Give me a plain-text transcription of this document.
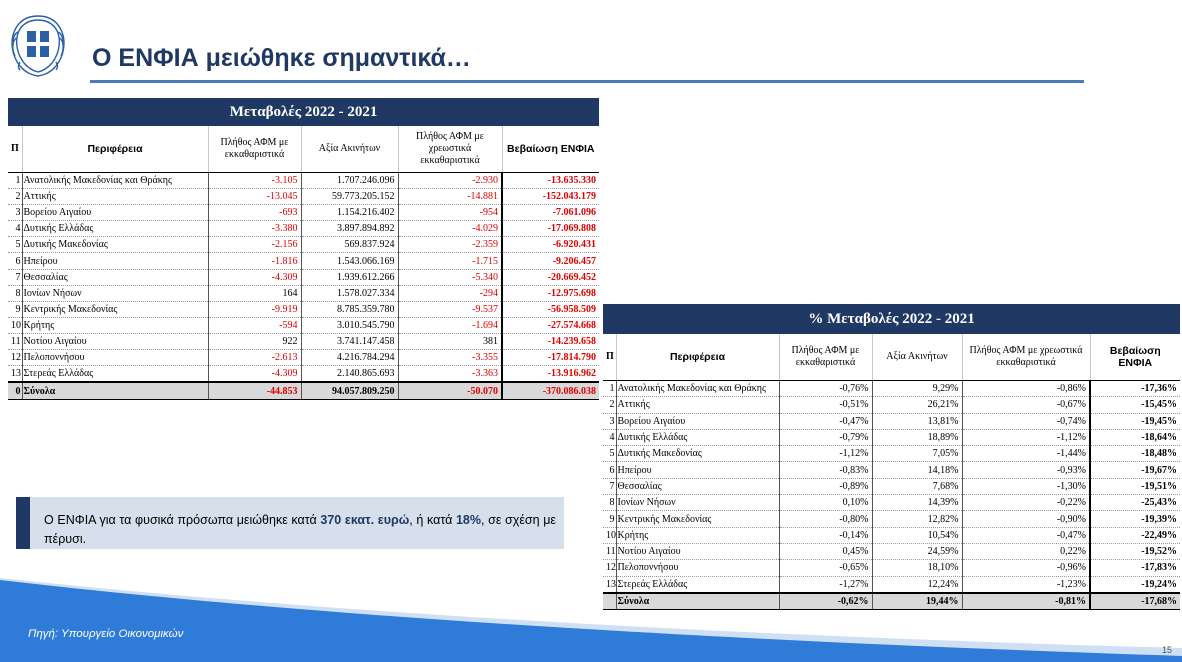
Ο ΕΝΦΙΑ μειώθηκε σημαντικά…
Μεταβολές 2022 - 2021					
Π	Περιφέρεια	Πλήθος ΑΦΜ με εκκαθαριστικά	Αξία Ακινήτων	Πλήθος ΑΦΜ με χρεωστικά εκκαθαριστικά	Βεβαίωση ΕΝΦΙΑ
1	Ανατολικής Μακεδονίας και Θράκης	-3.105	1.707.246.096	-2.930	-13.635.330
2	Αττικής	-13.045	59.773.205.152	-14.881	-152.043.179
3	Βορείου Αιγαίου	-693	1.154.216.402	-954	-7.061.096
4	Δυτικής Ελλάδας	-3.380	3.897.894.892	-4.029	-17.069.808
5	Δυτικής Μακεδονίας	-2.156	569.837.924	-2.359	-6.920.431
6	Ηπείρου	-1.816	1.543.066.169	-1.715	-9.206.457
7	Θεσσαλίας	-4.309	1.939.612.266	-5.340	-20.669.452
8	Ιονίων Νήσων	164	1.578.027.334	-294	-12.975.698
9	Κεντρικής Μακεδονίας	-9.919	8.785.359.780	-9.537	-56.958.509
10	Κρήτης	-594	3.010.545.790	-1.694	-27.574.668
11	Νοτίου Αιγαίου	922	3.741.147.458	381	-14.239.658
12	Πελοποννήσου	-2.613	4.216.784.294	-3.355	-17.814.790
13	Στερεάς Ελλάδας	-4.309	2.140.865.693	-3.363	-13.916.962
0	Σύνολα	-44.853	94.057.809.250	-50.070	-370.086.038
% Μεταβολές 2022 - 2021					
Π	Περιφέρεια	Πλήθος ΑΦΜ με εκκαθαριστικά	Αξία Ακινήτων	Πλήθος ΑΦΜ με χρεωστικά εκκαθαριστικά	Βεβαίωση ΕΝΦΙΑ
1	Ανατολικής Μακεδονίας και Θράκης	-0,76%	9,29%	-0,86%	-17,36%
2	Αττικής	-0,51%	26,21%	-0,67%	-15,45%
3	Βορείου Αιγαίου	-0,47%	13,81%	-0,74%	-19,45%
4	Δυτικής Ελλάδας	-0,79%	18,89%	-1,12%	-18,64%
5	Δυτικής Μακεδονίας	-1,12%	7,05%	-1,44%	-18,48%
6	Ηπείρου	-0,83%	14,18%	-0,93%	-19,67%
7	Θεσσαλίας	-0,89%	7,68%	-1,30%	-19,51%
8	Ιονίων Νήσων	0,10%	14,39%	-0,22%	-25,43%
9	Κεντρικής Μακεδονίας	-0,80%	12,82%	-0,90%	-19,39%
10	Κρήτης	-0,14%	10,54%	-0,47%	-22,49%
11	Νοτίου Αιγαίου	0,45%	24,59%	0,22%	-19,52%
12	Πελοποννήσου	-0,65%	18,10%	-0,96%	-17,83%
13	Στερεάς Ελλάδας	-1,27%	12,24%	-1,23%	-19,24%
	Σύνολα	-0,62%	19,44%	-0,81%	-17,68%
Ο ΕΝΦΙΑ για τα φυσικά πρόσωπα μειώθηκε κατά 370 εκατ. ευρώ, ή κατά 18%, σε σχέση με πέρυσι.
Πηγή: Υπουργείο Οικονομικών
15
